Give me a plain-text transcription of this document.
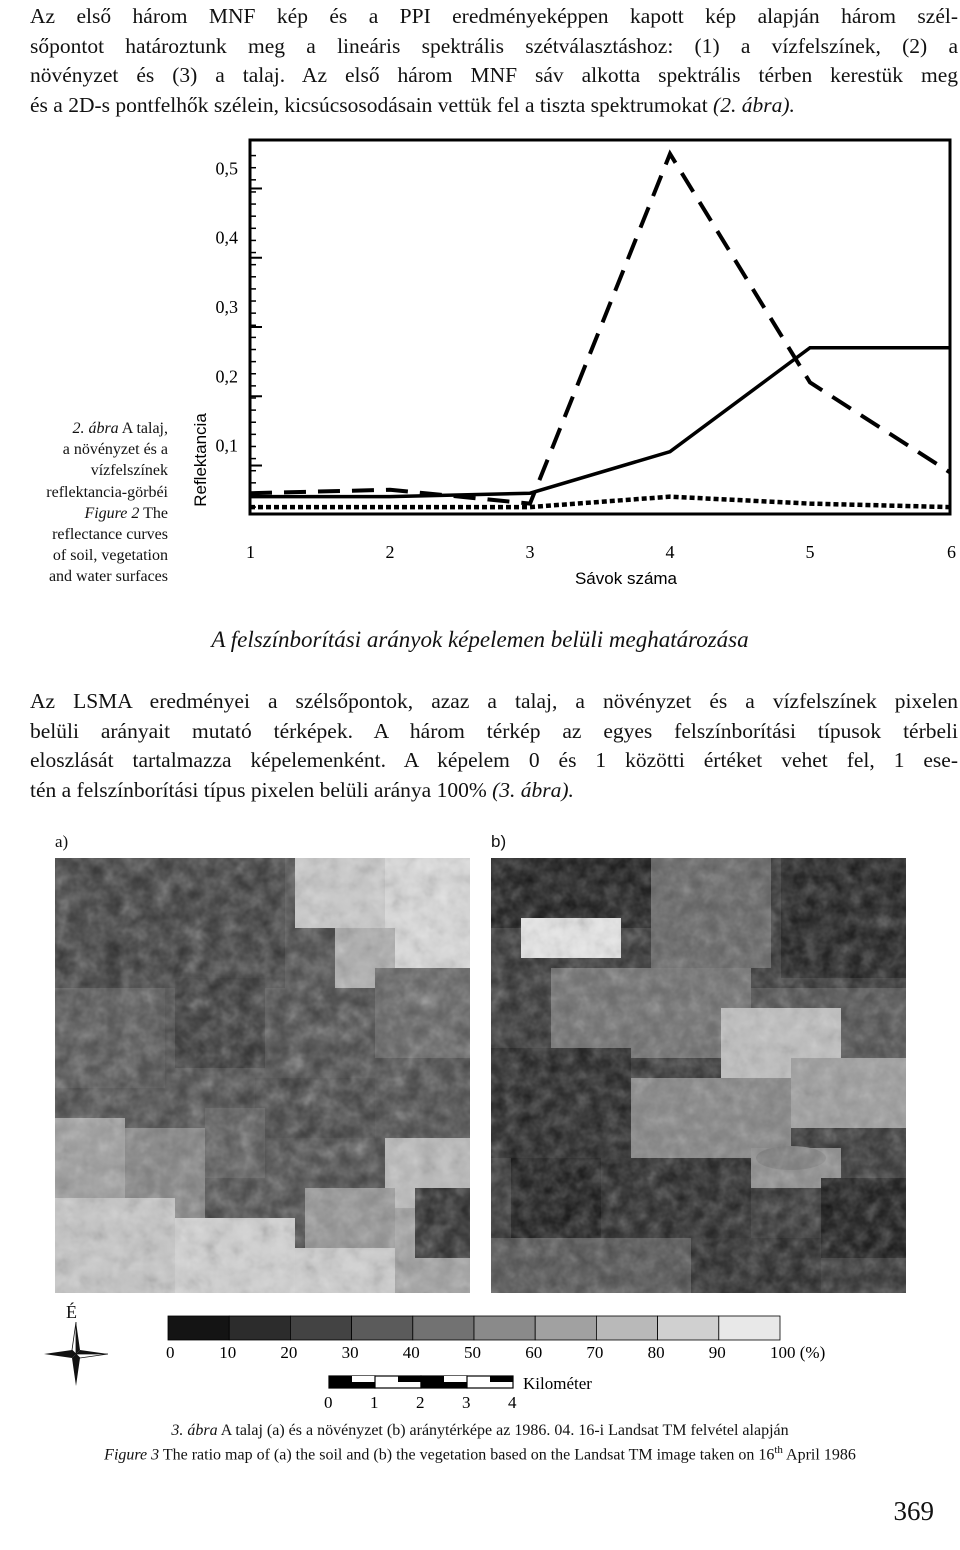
Az első három MNF kép és a PPI eredményeképpen kapott kép alapján három szél-

sőpontot határoztunk meg a lineáris spektrális szétválasztáshoz: (1) a vízfelszínek, (2) a

növényzet és (3) a talaj. Az első három MNF sáv alkotta spektrális térben kerestük meg

és a 2D-s pontfelhők szélein, kicsúcsosodásain vettük fel a tiszta spektrumokat (2. ábra).

2. ábra A talaj,
a növényzet és a
vízfelszínek
reflektancia-görbéi
Figure 2 The
reflectance curves
of soil, vegetation
and water surfaces
0,1
0,2
0,3
0,4
0,5
1	2	3	4	5	6
Reflektancia
Sávok száma
A felszínborítási arányok képelemen belüli meghatározása

Az LSMA eredményei a szélsőpontok, azaz a talaj, a növényzet és a vízfelszínek pixelen

belüli arányait mutató térképek. A három térkép az egyes felszínborítási típusok térbeli

eloszlását tartalmazza képelemenként. A képelem 0 és 1 közötti értéket vehet fel, 1 ese-

tén a felszínborítási típus pixelen belüli aránya 100% (3. ábra).

a)	b)
É
0	10	20	30	40	50	60	70	80	90	100 (%)
0 1 2 3 4
Kilométer
3. ábra A talaj (a) és a növényzet (b) aránytérképe az 1986. 04. 16-i Landsat TM felvétel alapján
Figure 3 The ratio map of (a) the soil and (b) the vegetation based on the Landsat TM image taken on 16th April 1986
369
